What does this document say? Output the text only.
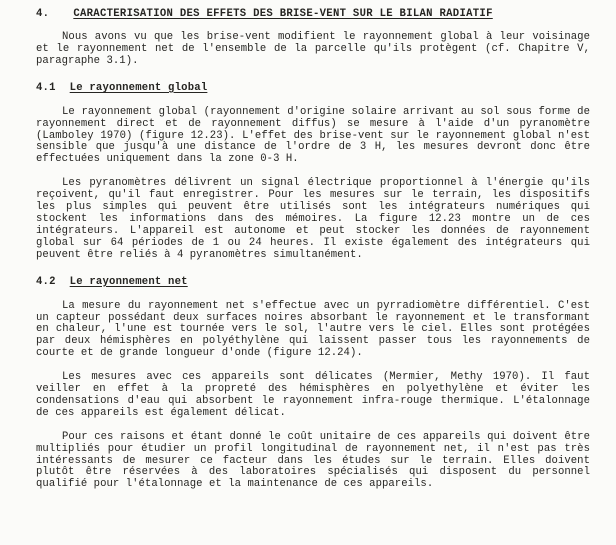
4. CARACTERISATION DES EFFETS DES BRISE-VENT SUR LE BILAN RADIATIF

Nous avons vu que les brise-vent modifient le rayonnement global à leur voisinage et le rayonnement net de l'ensemble de la parcelle qu'ils protègent (cf. Chapitre V, paragraphe 3.1).

4.1 Le rayonnement global

Le rayonnement global (rayonnement d'origine solaire arrivant au sol sous forme de rayonnement direct et de rayonnement diffus) se mesure à l'aide d'un pyranomètre (Lamboley 1970) (figure 12.23). L'effet des brise-vent sur le rayonnement global n'est sensible que jusqu'à une distance de l'ordre de 3 H, les mesures devront donc être effectuées uniquement dans la zone 0-3 H.

Les pyranomètres délivrent un signal électrique proportionnel à l'énergie qu'ils reçoivent, qu'il faut enregistrer. Pour les mesures sur le terrain, les dispositifs les plus simples qui peuvent être utilisés sont les intégrateurs numériques qui stockent les informations dans des mémoires. La figure 12.23 montre un de ces intégrateurs. L'appareil est autonome et peut stocker les données de rayonnement global sur 64 périodes de 1 ou 24 heures. Il existe également des intégrateurs qui peuvent être reliés à 4 pyranomètres simultanément.

4.2 Le rayonnement net

La mesure du rayonnement net s'effectue avec un pyrradiomètre différentiel. C'est un capteur possédant deux surfaces noires absorbant le rayonnement et le transformant en chaleur, l'une est tournée vers le sol, l'autre vers le ciel. Elles sont protégées par deux hémisphères en polyéthylène qui laissent passer tous les rayonnements de courte et de grande longueur d'onde (figure 12.24).

Les mesures avec ces appareils sont délicates (Mermier, Methy 1970). Il faut veiller en effet à la propreté des hémisphères en polyethylène et éviter les condensations d'eau qui absorbent le rayonnement infra-rouge thermique. L'étalonnage de ces appareils est également délicat.

Pour ces raisons et étant donné le coût unitaire de ces appareils qui doivent être multipliés pour étudier un profil longitudinal de rayonnement net, il n'est pas très intéressants de mesurer ce facteur dans les études sur le terrain. Elles doivent plutôt être réservées à des laboratoires spécialisés qui disposent du personnel qualifié pour l'étalonnage et la maintenance de ces appareils.
